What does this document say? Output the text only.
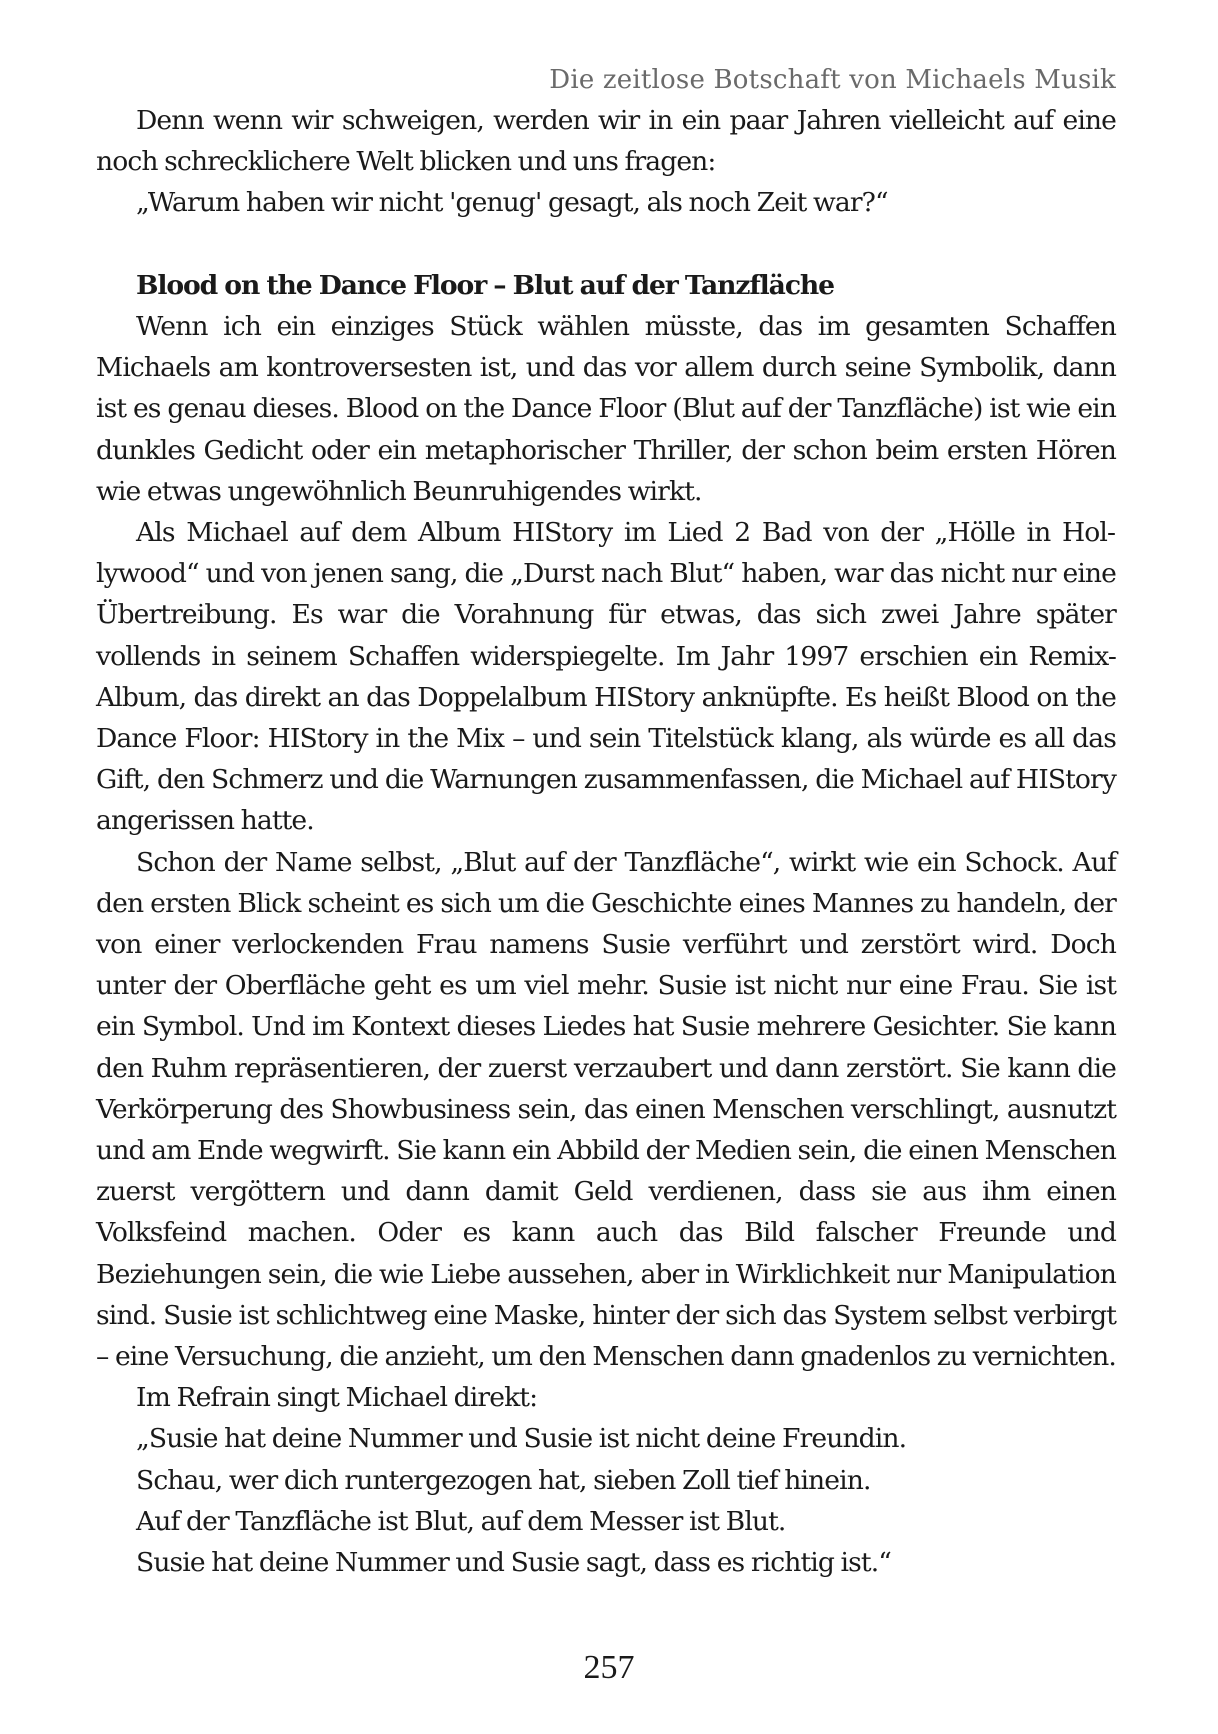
Die zeitlose Botschaft von Michaels Musik

Denn wenn wir schweigen, werden wir in ein paar Jahren vielleicht auf eine noch schrecklichere Welt blicken und uns fragen:

„Warum haben wir nicht 'genug' gesagt, als noch Zeit war?“

Blood on the Dance Floor – Blut auf der Tanzfläche

Wenn ich ein einziges Stück wählen müsste, das im gesamten Schaffen Michaels am kontroversesten ist, und das vor allem durch seine Symbolik, dann ist es genau dieses. Blood on the Dance Floor (Blut auf der Tanzfläche) ist wie ein dunkles Gedicht oder ein metaphorischer Thriller, der schon beim ersten Hören wie etwas ungewöhnlich Beunruhigendes wirkt.

Als Michael auf dem Album HIStory im Lied 2 Bad von der „Hölle in Hollywood“ und von jenen sang, die „Durst nach Blut“ haben, war das nicht nur eine Übertreibung. Es war die Vorahnung für etwas, das sich zwei Jahre später vollends in seinem Schaffen widerspiegelte. Im Jahr 1997 erschien ein Remix-Album, das direkt an das Doppelalbum HIStory anknüpfte. Es heißt Blood on the Dance Floor: HIStory in the Mix – und sein Titelstück klang, als würde es all das Gift, den Schmerz und die Warnungen zusammenfassen, die Michael auf HIStory angerissen hatte.

Schon der Name selbst, „Blut auf der Tanzfläche“, wirkt wie ein Schock. Auf den ersten Blick scheint es sich um die Geschichte eines Mannes zu handeln, der von einer verlockenden Frau namens Susie verführt und zerstört wird. Doch unter der Oberfläche geht es um viel mehr. Susie ist nicht nur eine Frau. Sie ist ein Symbol. Und im Kontext dieses Liedes hat Susie mehrere Gesichter. Sie kann den Ruhm repräsentieren, der zuerst verzaubert und dann zerstört. Sie kann die Verkörperung des Showbusiness sein, das einen Menschen verschlingt, ausnutzt und am Ende wegwirft. Sie kann ein Abbild der Medien sein, die einen Menschen zuerst vergöttern und dann damit Geld verdienen, dass sie aus ihm einen Volksfeind machen. Oder es kann auch das Bild falscher Freunde und Beziehungen sein, die wie Liebe aussehen, aber in Wirklichkeit nur Manipulation sind. Susie ist schlichtweg eine Maske, hinter der sich das System selbst verbirgt – eine Versuchung, die anzieht, um den Menschen dann gnadenlos zu vernichten.

Im Refrain singt Michael direkt:

„Susie hat deine Nummer und Susie ist nicht deine Freundin.

Schau, wer dich runtergezogen hat, sieben Zoll tief hinein.

Auf der Tanzfläche ist Blut, auf dem Messer ist Blut.

Susie hat deine Nummer und Susie sagt, dass es richtig ist.“

257
